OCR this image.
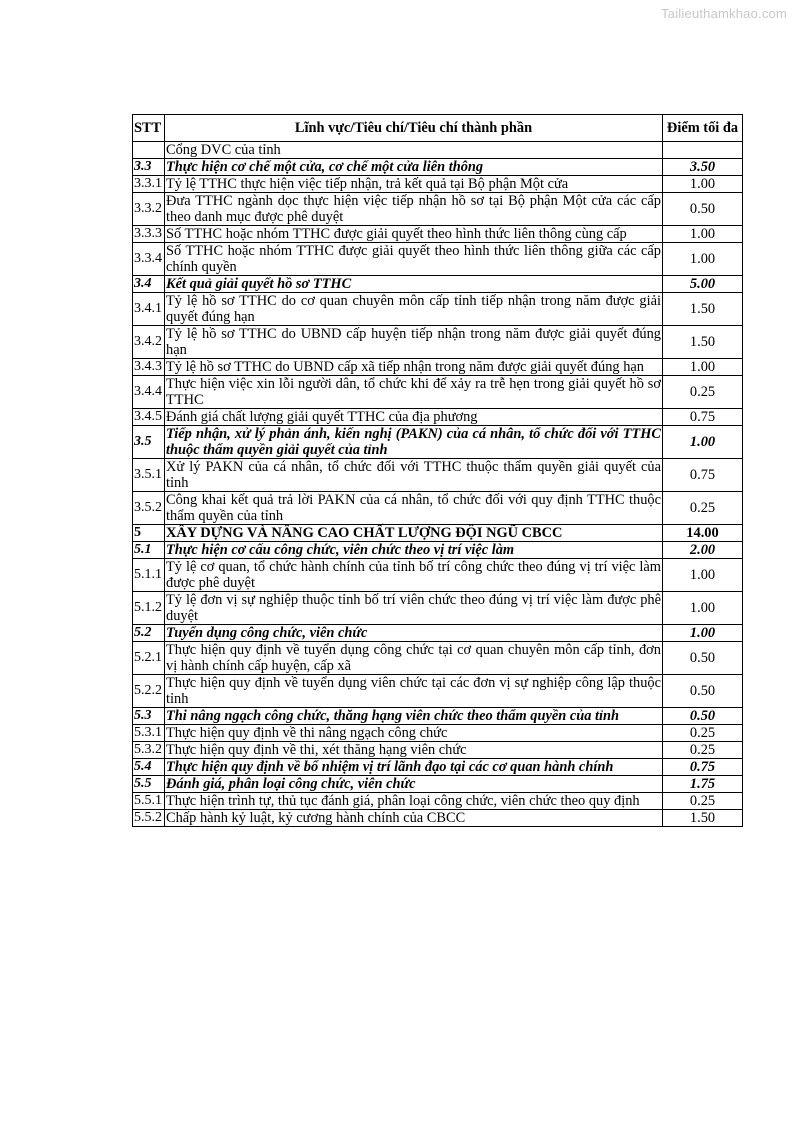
Tailieuthamkhao.com
STT	Lĩnh vực/Tiêu chí/Tiêu chí thành phần	Điểm tối đa
	Cổng DVC của tỉnh	
3.3	Thực hiện cơ chế một cửa, cơ chế một cửa liên thông	3.50
3.3.1	Tỷ lệ TTHC thực hiện việc tiếp nhận, trả kết quả tại Bộ phận Một cửa	1.00
3.3.2	Đưa TTHC ngành dọc thực hiện việc tiếp nhận hồ sơ tại Bộ phận Một cửa các cấp theo danh mục được phê duyệt	0.50
3.3.3	Số TTHC hoặc nhóm TTHC được giải quyết theo hình thức liên thông cùng cấp	1.00
3.3.4	Số TTHC hoặc nhóm TTHC được giải quyết theo hình thức liên thông giữa các cấp chính quyền	1.00
3.4	Kết quả giải quyết hồ sơ TTHC	5.00
3.4.1	Tỷ lệ hồ sơ TTHC do cơ quan chuyên môn cấp tỉnh tiếp nhận trong năm được giải quyết đúng hạn	1.50
3.4.2	Tỷ lệ hồ sơ TTHC do UBND cấp huyện tiếp nhận trong năm được giải quyết đúng hạn	1.50
3.4.3	Tỷ lệ hồ sơ TTHC do UBND cấp xã tiếp nhận trong năm được giải quyết đúng hạn	1.00
3.4.4	Thực hiện việc xin lỗi người dân, tổ chức khi để xảy ra trễ hẹn trong giải quyết hồ sơ TTHC	0.25
3.4.5	Đánh giá chất lượng giải quyết TTHC của địa phương	0.75
3.5	Tiếp nhận, xử lý phản ánh, kiến nghị (PAKN) của cá nhân, tổ chức đối với TTHC thuộc thẩm quyền giải quyết của tỉnh	1.00
3.5.1	Xử lý PAKN của cá nhân, tổ chức đối với TTHC thuộc thẩm quyền giải quyết của tỉnh	0.75
3.5.2	Công khai kết quả trả lời PAKN của cá nhân, tổ chức đối với quy định TTHC thuộc thẩm quyền của tỉnh	0.25
5	XÂY DỰNG VÀ NÂNG CAO CHẤT LƯỢNG ĐỘI NGŨ CBCC	14.00
5.1	Thực hiện cơ cấu công chức, viên chức theo vị trí việc làm	2.00
5.1.1	Tỷ lệ cơ quan, tổ chức hành chính của tỉnh bố trí công chức theo đúng vị trí việc làm được phê duyệt	1.00
5.1.2	Tỷ lệ đơn vị sự nghiệp thuộc tỉnh bố trí viên chức theo đúng vị trí việc làm được phê duyệt	1.00
5.2	Tuyển dụng công chức, viên chức	1.00
5.2.1	Thực hiện quy định về tuyển dụng công chức tại cơ quan chuyên môn cấp tỉnh, đơn vị hành chính cấp huyện, cấp xã	0.50
5.2.2	Thực hiện quy định về tuyển dụng viên chức tại các đơn vị sự nghiệp công lập thuộc tỉnh	0.50
5.3	Thi nâng ngạch công chức, thăng hạng viên chức theo thẩm quyền của tỉnh	0.50
5.3.1	Thực hiện quy định về thi nâng ngạch công chức	0.25
5.3.2	Thực hiện quy định về thi, xét thăng hạng viên chức	0.25
5.4	Thực hiện quy định về bổ nhiệm vị trí lãnh đạo tại các cơ quan hành chính	0.75
5.5	Đánh giá, phân loại công chức, viên chức	1.75
5.5.1	Thực hiện trình tự, thủ tục đánh giá, phân loại công chức, viên chức theo quy định	0.25
5.5.2	Chấp hành kỷ luật, kỷ cương hành chính của CBCC	1.50
